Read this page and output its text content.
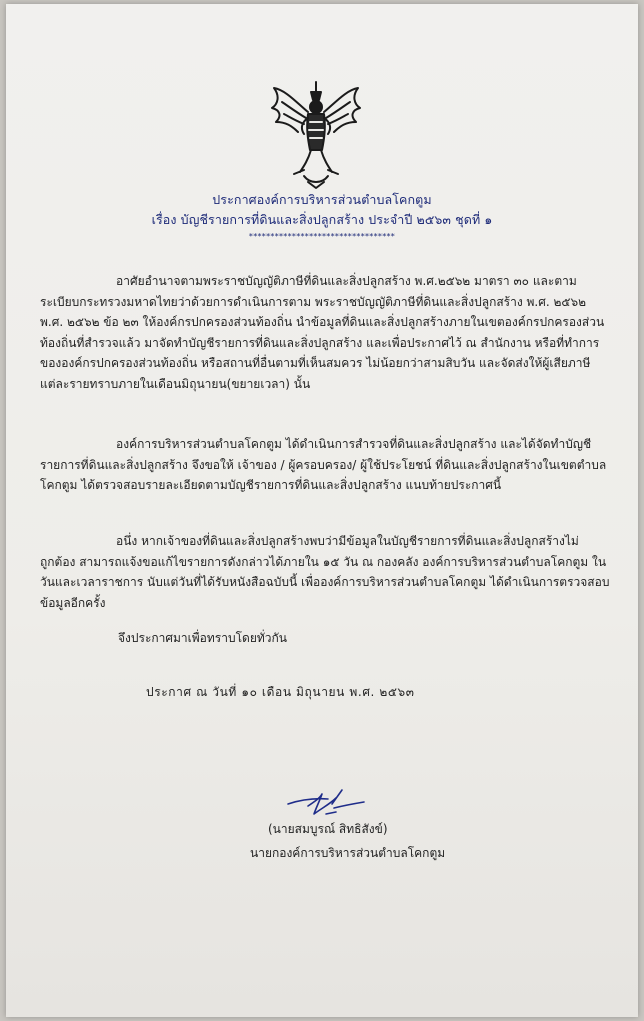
ประกาศองค์การบริหารส่วนตำบลโคกตูม
เรื่อง บัญชีรายการที่ดินและสิ่งปลูกสร้าง ประจำปี ๒๕๖๓ ชุดที่ ๑
**********************************
อาศัยอำนาจตามพระราชบัญญัติภาษีที่ดินและสิ่งปลูกสร้าง พ.ศ.๒๕๖๒ มาตรา ๓๐ และตาม
ระเบียบกระทรวงมหาดไทยว่าด้วยการดำเนินการตาม พระราชบัญญัติภาษีที่ดินและสิ่งปลูกสร้าง พ.ศ. ๒๕๖๒
พ.ศ. ๒๕๖๒ ข้อ ๒๓ ให้องค์กรปกครองส่วนท้องถิ่น นำข้อมูลที่ดินและสิ่งปลูกสร้างภายในเขตองค์กรปกครองส่วน
ท้องถิ่นที่สำรวจแล้ว มาจัดทำบัญชีรายการที่ดินและสิ่งปลูกสร้าง และเพื่อประกาศไว้ ณ สำนักงาน หรือที่ทำการ
ขององค์กรปกครองส่วนท้องถิ่น หรือสถานที่อื่นตามที่เห็นสมควร ไม่น้อยกว่าสามสิบวัน และจัดส่งให้ผู้เสียภาษี
แต่ละรายทราบภายในเดือนมิถุนายน(ขยายเวลา) นั้น
องค์การบริหารส่วนตำบลโคกตูม ได้ดำเนินการสำรวจที่ดินและสิ่งปลูกสร้าง และได้จัดทำบัญชี
รายการที่ดินและสิ่งปลูกสร้าง จึงขอให้ เจ้าของ / ผู้ครอบครอง/ ผู้ใช้ประโยชน์ ที่ดินและสิ่งปลูกสร้างในเขตตำบล
โคกตูม ได้ตรวจสอบรายละเอียดตามบัญชีรายการที่ดินและสิ่งปลูกสร้าง แนบท้ายประกาศนี้
อนึ่ง หากเจ้าของที่ดินและสิ่งปลูกสร้างพบว่ามีข้อมูลในบัญชีรายการที่ดินและสิ่งปลูกสร้างไม่
ถูกต้อง สามารถแจ้งขอแก้ไขรายการดังกล่าวได้ภายใน ๑๕ วัน ณ กองคลัง องค์การบริหารส่วนตำบลโคกตูม ใน
วันและเวลาราชการ นับแต่วันที่ได้รับหนังสือฉบับนี้ เพื่อองค์การบริหารส่วนตำบลโคกตูม ได้ดำเนินการตรวจสอบ
ข้อมูลอีกครั้ง
จึงประกาศมาเพื่อทราบโดยทั่วกัน
ประกาศ ณ วันที่ ๑๐ เดือน มิถุนายน พ.ศ. ๒๕๖๓
(นายสมบูรณ์ สิทธิสังข์)
นายกองค์การบริหารส่วนตำบลโคกตูม
